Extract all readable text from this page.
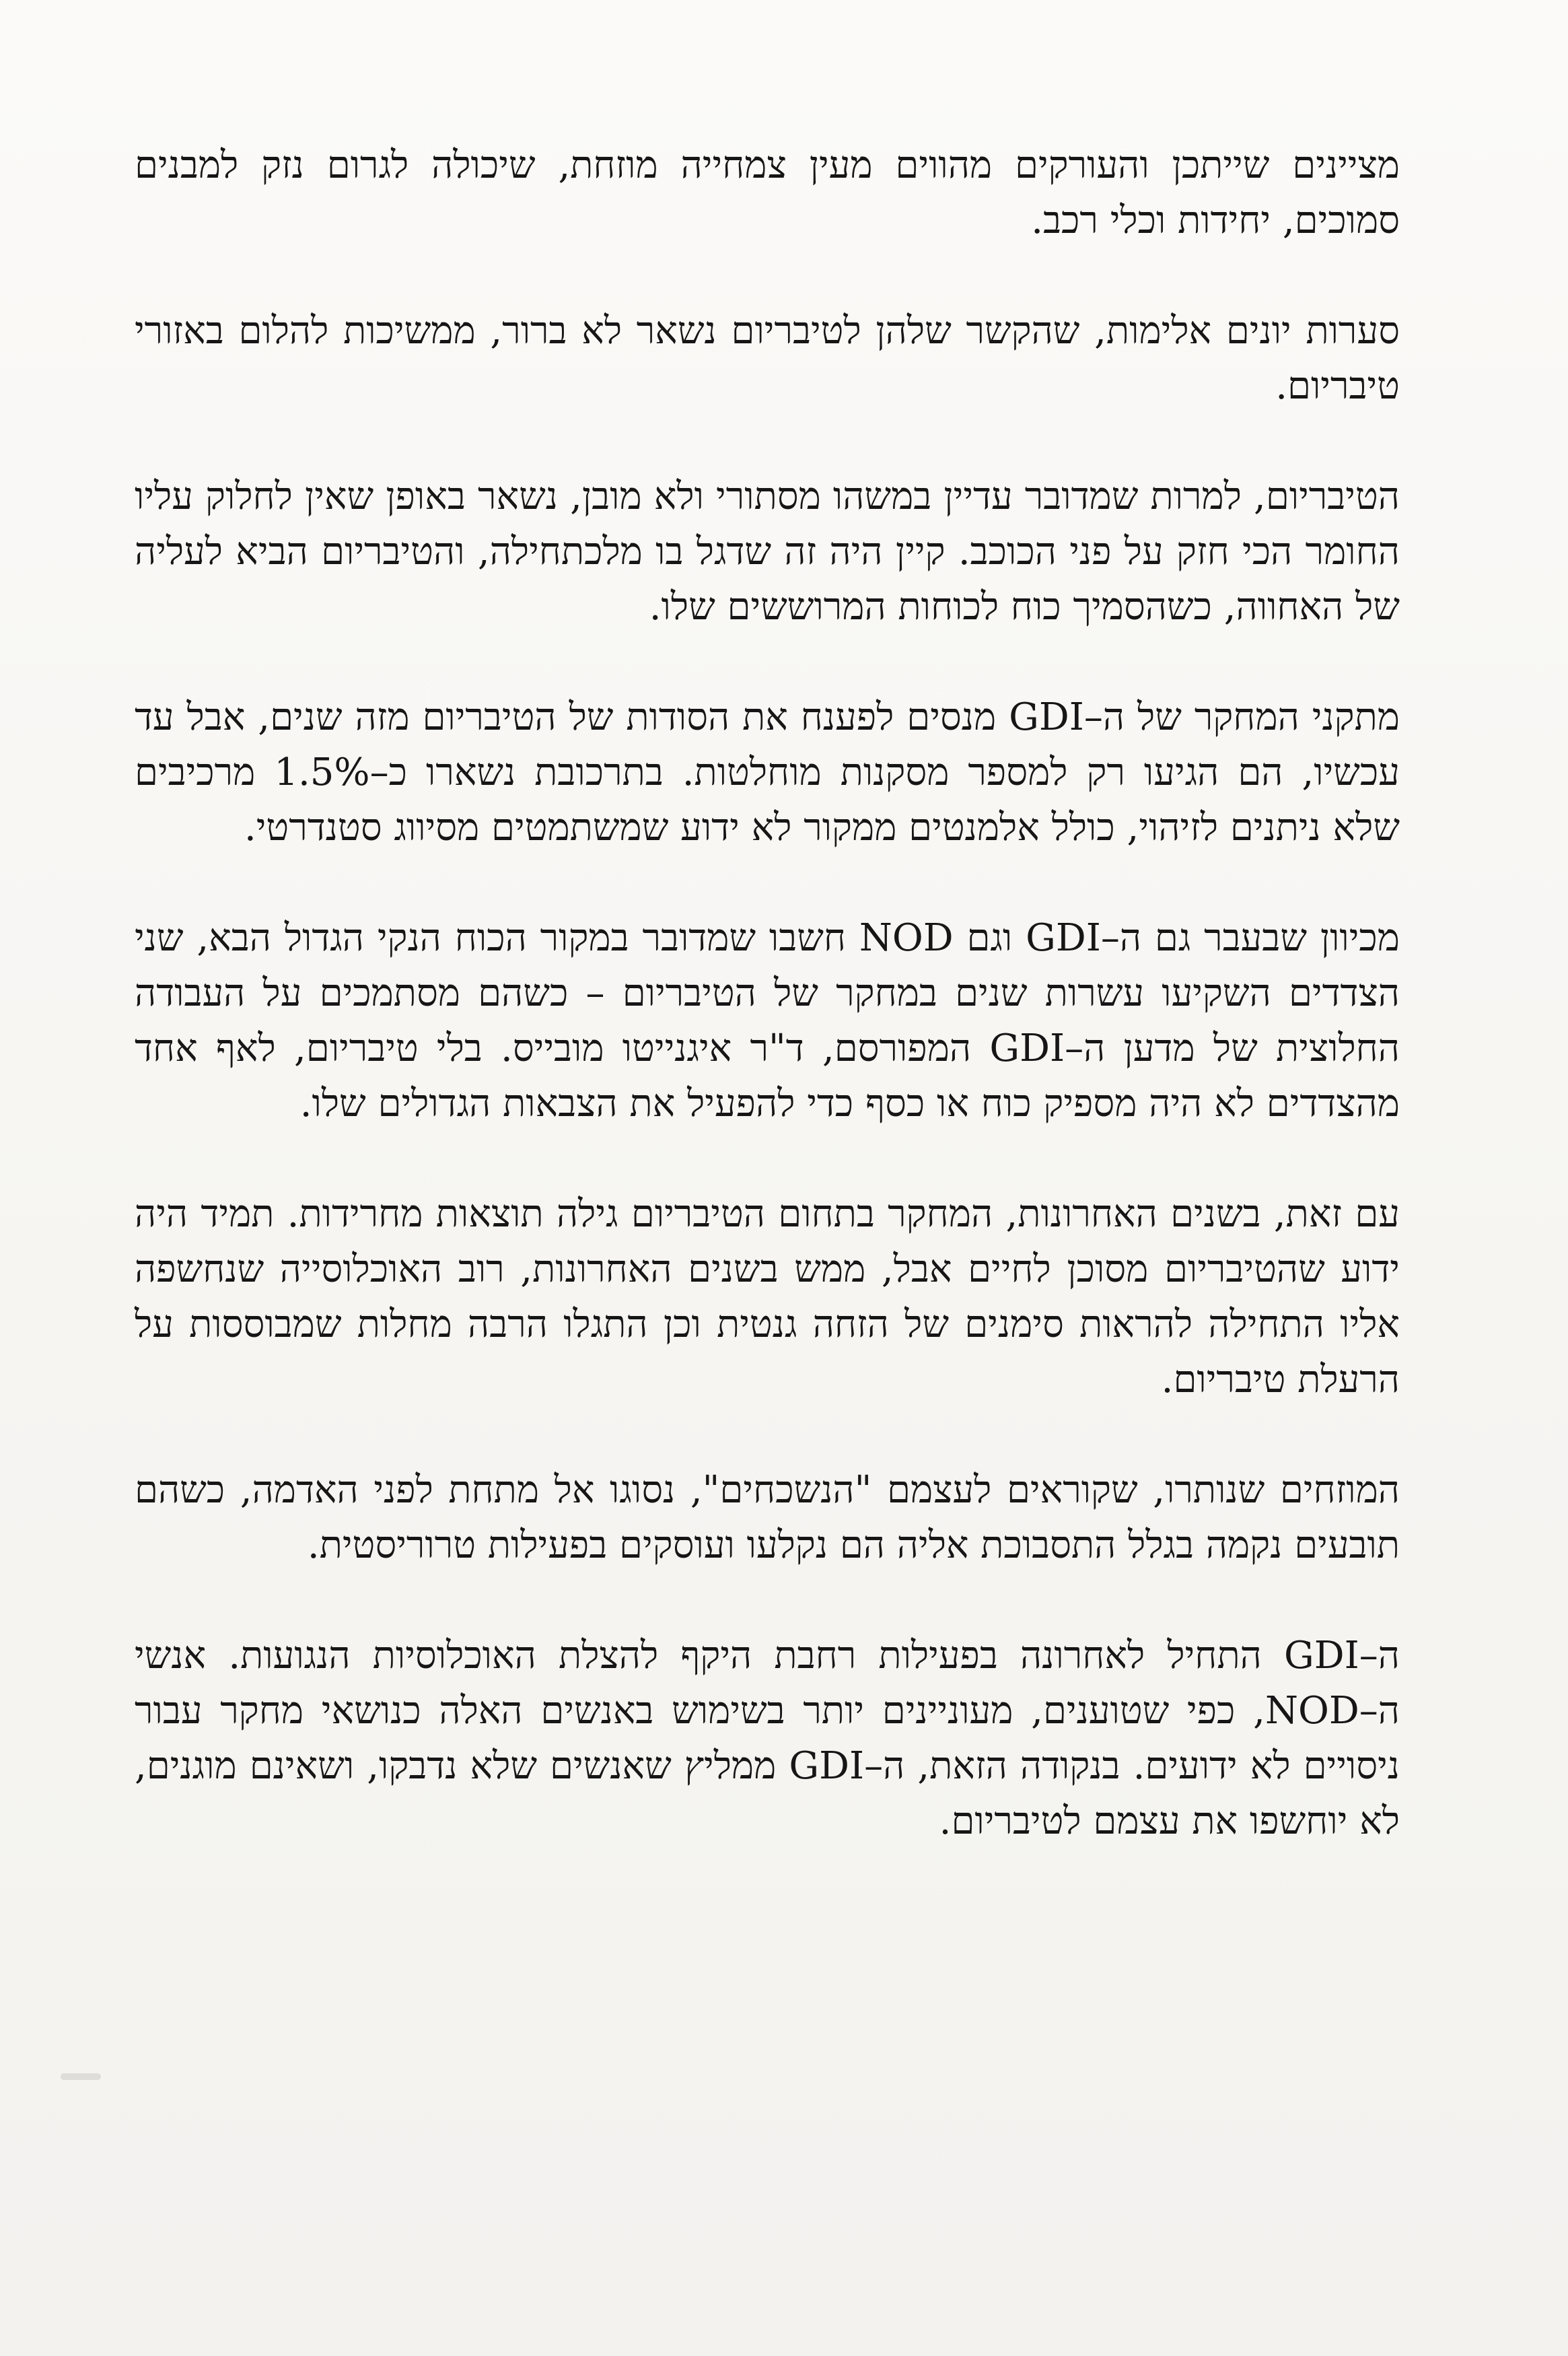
מציינים שייתכן והעורקים מהווים מעין צמחייה מוזחת, שיכולה לגרום נזק למבנים סמוכים, יחידות וכלי רכב.

סערות יונים אלימות, שהקשר שלהן לטיבריום נשאר לא ברור, ממשיכות להלום באזורי טיבריום.

הטיבריום, למרות שמדובר עדיין במשהו מסתורי ולא מובן, נשאר באופן שאין לחלוק עליו החומר הכי חזק על פני הכוכב. קיין היה זה שדגל בו מלכתחילה, והטיבריום הביא לעליה של האחווה, כשהסמיך כוח לכוחות המרוששים שלו.

מתקני המחקר של ה–GDI מנסים לפענח את הסודות של הטיבריום מזה שנים, אבל עד עכשיו, הם הגיעו רק למספר מסקנות מוחלטות. בתרכובת נשארו כ–1.5% מרכיבים שלא ניתנים לזיהוי, כולל אלמנטים ממקור לא ידוע שמשתמטים מסיווג סטנדרטי.

מכיוון שבעבר גם ה–GDI וגם NOD חשבו שמדובר במקור הכוח הנקי הגדול הבא, שני הצדדים השקיעו עשרות שנים במחקר של הטיבריום – כשהם מסתמכים על העבודה החלוצית של מדען ה–GDI המפורסם, ד"ר איגנייטו מובייס. בלי טיבריום, לאף אחד מהצדדים לא היה מספיק כוח או כסף כדי להפעיל את הצבאות הגדולים שלו.

עם זאת, בשנים האחרונות, המחקר בתחום הטיבריום גילה תוצאות מחרידות. תמיד היה ידוע שהטיבריום מסוכן לחיים אבל, ממש בשנים האחרונות, רוב האוכלוסייה שנחשפה אליו התחילה להראות סימנים של הזחה גנטית וכן התגלו הרבה מחלות שמבוססות על הרעלת טיבריום.

המוזחים שנותרו, שקוראים לעצמם "הנשכחים", נסוגו אל מתחת לפני האדמה, כשהם תובעים נקמה בגלל התסבוכת אליה הם נקלעו ועוסקים בפעילות טרוריסטית.

ה–GDI התחיל לאחרונה בפעילות רחבת היקף להצלת האוכלוסיות הנגועות. אנשי ה–NOD, כפי שטוענים, מעוניינים יותר בשימוש באנשים האלה כנושאי מחקר עבור ניסויים לא ידועים. בנקודה הזאת, ה–GDI ממליץ שאנשים שלא נדבקו, ושאינם מוגנים, לא יוחשפו את עצמם לטיבריום.
